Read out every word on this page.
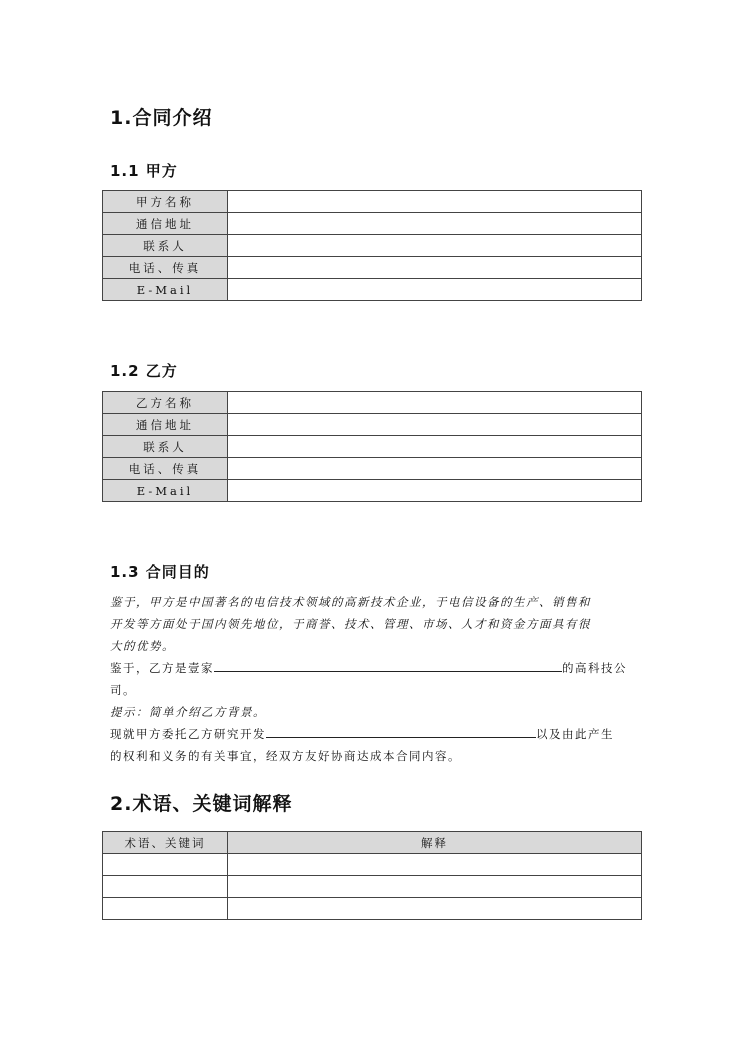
1.合同介绍
1.1 甲方
甲方名称	
通信地址	
联系人	
电话、传真	
E-Mail	
1.2 乙方
乙方名称	
通信地址	
联系人	
电话、传真	
E-Mail	
1.3 合同目的
鉴于，甲方是中国著名的电信技术领域的高新技术企业，于电信设备的生产、销售和
开发等方面处于国内领先地位，于商誉、技术、管理、市场、人才和资金方面具有很
大的优势。
鉴于，乙方是壹家	的高科技公
司。
提示：简单介绍乙方背景。
现就甲方委托乙方研究开发	以及由此产生
的权利和义务的有关事宜，经双方友好协商达成本合同内容。
2.术语、关键词解释
术语、关键词	解释
